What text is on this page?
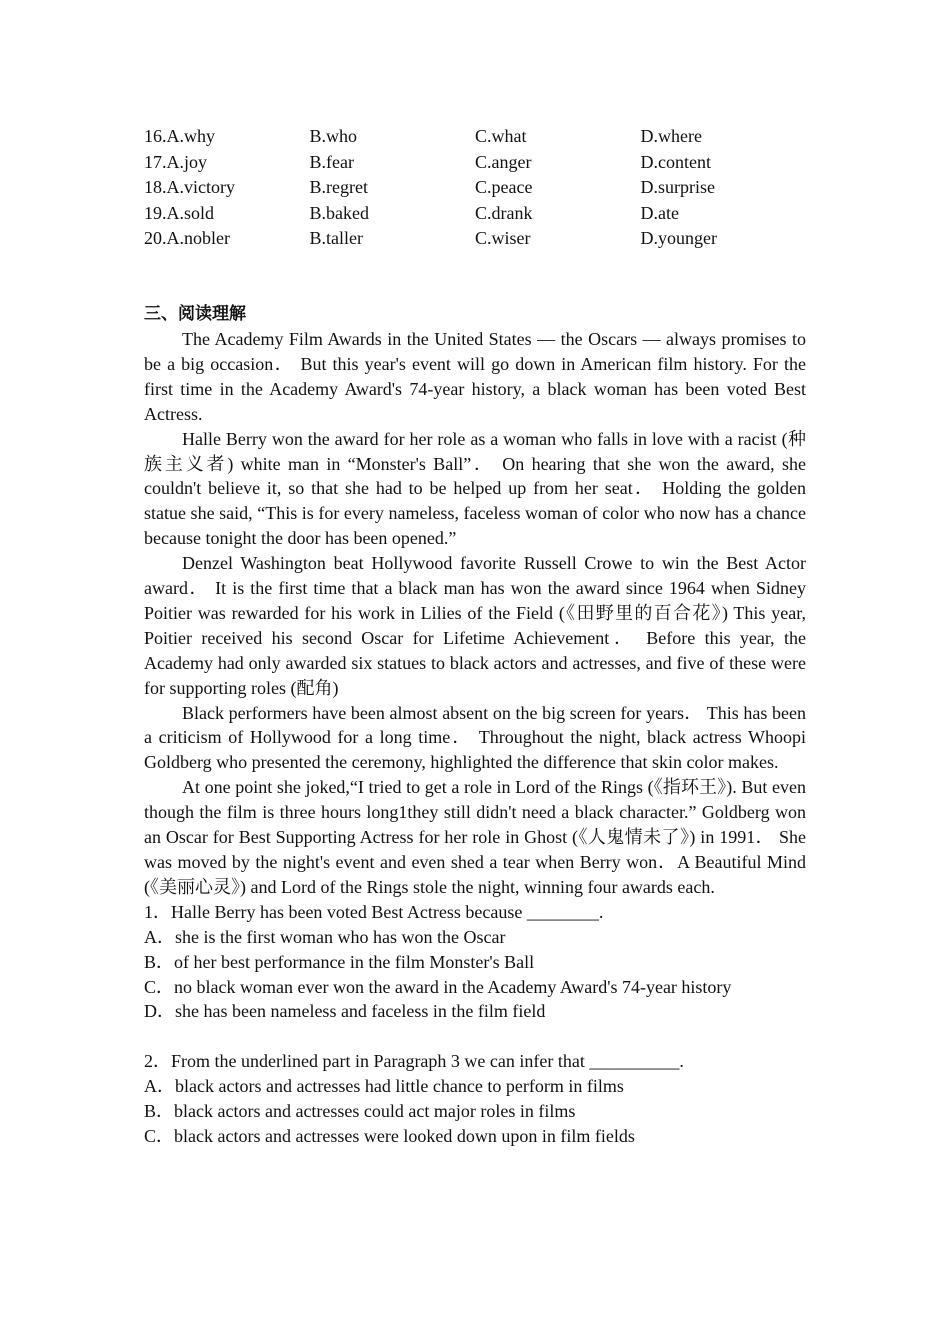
16.A.why	B.who	C.what	D.where
17.A.joy	B.fear	C.anger	D.content
18.A.victory	B.regret	C.peace	D.surprise
19.A.sold	B.baked	C.drank	D.ate
20.A.nobler	B.taller	C.wiser	D.younger
三、阅读理解

The Academy Film Awards in the United States — the Oscars — always promises to be a big occasion． But this year's event will go down in American film history. For the first time in the Academy Award's 74-year history, a black woman has been voted Best Actress.

Halle Berry won the award for her role as a woman who falls in love with a racist (种族主义者) white man in “Monster's Ball”． On hearing that she won the award, she couldn't believe it, so that she had to be helped up from her seat． Holding the golden statue she said, “This is for every nameless, faceless woman of color who now has a chance because tonight the door has been opened.”

Denzel Washington beat Hollywood favorite Russell Crowe to win the Best Actor award． It is the first time that a black man has won the award since 1964 when Sidney Poitier was rewarded for his work in Lilies of the Field (《田野里的百合花》) This year, Poitier received his second Oscar for Lifetime Achievement． Before this year, the Academy had only awarded six statues to black actors and actresses, and five of these were for supporting roles (配角)

Black performers have been almost absent on the big screen for years． This has been a criticism of Hollywood for a long time． Throughout the night, black actress Whoopi Goldberg who presented the ceremony, highlighted the difference that skin color makes.

At one point she joked,“I tried to get a role in Lord of the Rings (《指环王》). But even though the film is three hours long1they still didn't need a black character.” Goldberg won an Oscar for Best Supporting Actress for her role in Ghost (《人鬼情未了》) in 1991． She was moved by the night's event and even shed a tear when Berry won．A Beautiful Mind (《美丽心灵》) and Lord of the Rings stole the night, winning four awards each.

1．Halle Berry has been voted Best Actress because ________.
A．she is the first woman who has won the Oscar
B．of her best performance in the film Monster's Ball
C．no black woman ever won the award in the Academy Award's 74-year history
D．she has been nameless and faceless in the film field
2．From the underlined part in Paragraph 3 we can infer that __________.
A．black actors and actresses had little chance to perform in films
B．black actors and actresses could act major roles in films
C．black actors and actresses were looked down upon in film fields
